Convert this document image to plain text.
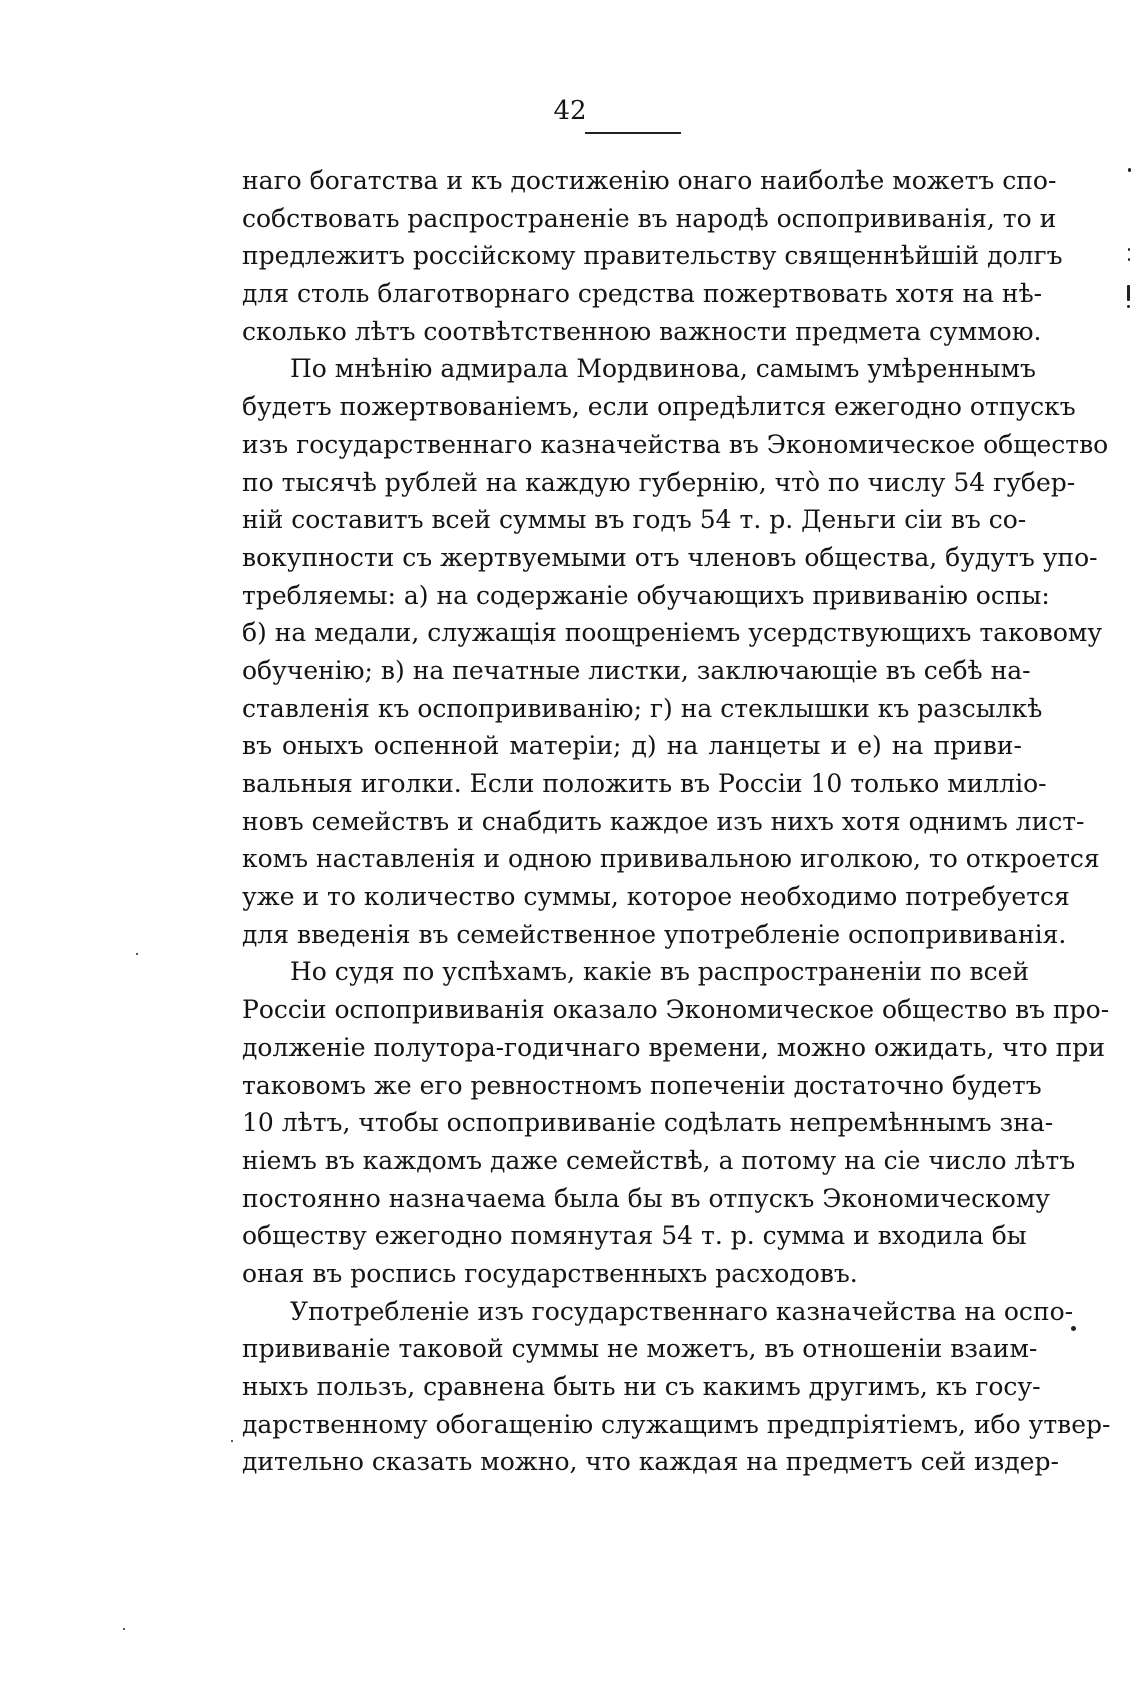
42
наго богатства и къ достиженію онаго наиболѣе можетъ спо-
собствовать распространеніе въ народѣ оспопрививанія, то и
предлежитъ россійскому правительству священнѣйшій долгъ
для столь благотворнаго средства пожертвовать хотя на нѣ-
сколько лѣтъ соотвѣтственною важности предмета суммою.
По мнѣнію адмирала Мордвинова, самымъ умѣреннымъ
будетъ пожертвованіемъ, если опредѣлится ежегодно отпускъ
изъ государственнаго казначейства въ Экономическое общество
по тысячѣ рублей на каждую губернію, что̀ по числу 54 губер-
ній составитъ всей суммы въ годъ 54 т. р. Деньги сіи въ со-
вокупности съ жертвуемыми отъ членовъ общества, будутъ упо-
требляемы: а) на содержаніе обучающихъ прививанію оспы:
б) на медали, служащія поощреніемъ усердствующихъ таковому
обученію; в) на печатные листки, заключающіе въ себѣ на-
ставленія къ оспопрививанію; г) на стеклышки къ разсылкѣ
въ оныхъ оспенной матеріи; д) на ланцеты и е) на приви-
вальныя иголки. Если положить въ Россіи 10 только милліо-
новъ семействъ и снабдить каждое изъ нихъ хотя однимъ лист-
комъ наставленія и одною прививальною иголкою, то откроется
уже и то количество суммы, которое необходимо потребуется
для введенія въ семейственное употребленіе оспопрививанія.
Но судя по успѣхамъ, какіе въ распространеніи по всей
Россіи оспопрививанія оказало Экономическое общество въ про-
долженіе полутора-годичнаго времени, можно ожидать, что при
таковомъ же его ревностномъ попеченіи достаточно будетъ
10 лѣтъ, чтобы оспопрививаніе содѣлать непремѣннымъ зна-
ніемъ въ каждомъ даже семействѣ, а потому на сіе число лѣтъ
постоянно назначаема была бы въ отпускъ Экономическому
обществу ежегодно помянутая 54 т. р. сумма и входила бы
оная въ роспись государственныхъ расходовъ.
Употребленіе изъ государственнаго казначейства на оспо-
прививаніе таковой суммы не можетъ, въ отношеніи взаим-
ныхъ пользъ, сравнена быть ни съ какимъ другимъ, къ госу-
дарственному обогащенію служащимъ предпріятіемъ, ибо утвер-
дительно сказать можно, что каждая на предметъ сей издер-
